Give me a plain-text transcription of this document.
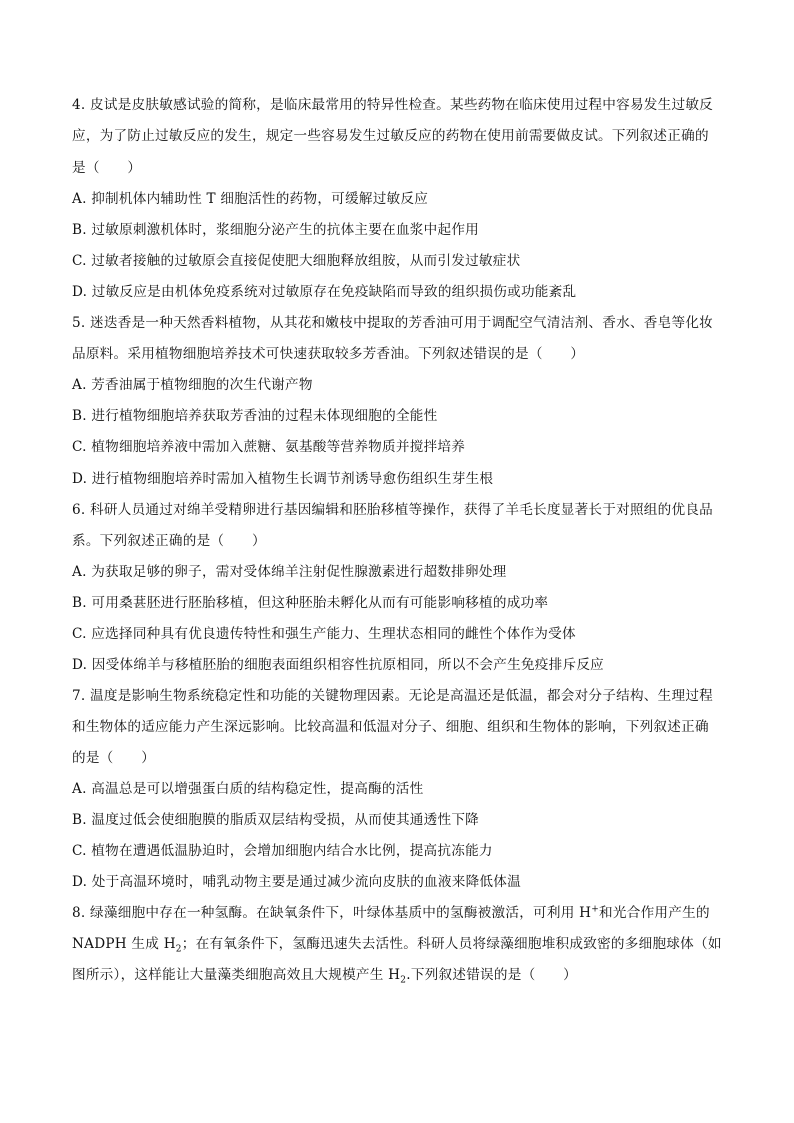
4. 皮试是皮肤敏感试验的简称，是临床最常用的特异性检查。某些药物在临床使用过程中容易发生过敏反
应，为了防止过敏反应的发生，规定一些容易发生过敏反应的药物在使用前需要做皮试。下列叙述正确的
是（　　）
A. 抑制机体内辅助性 T 细胞活性的药物，可缓解过敏反应
B. 过敏原刺激机体时，浆细胞分泌产生的抗体主要在血浆中起作用
C. 过敏者接触的过敏原会直接促使肥大细胞释放组胺，从而引发过敏症状
D. 过敏反应是由机体免疫系统对过敏原存在免疫缺陷而导致的组织损伤或功能紊乱
5. 迷迭香是一种天然香料植物，从其花和嫩枝中提取的芳香油可用于调配空气清洁剂、香水、香皂等化妆
品原料。采用植物细胞培养技术可快速获取较多芳香油。下列叙述错误的是（　　）
A. 芳香油属于植物细胞的次生代谢产物
B. 进行植物细胞培养获取芳香油的过程未体现细胞的全能性
C. 植物细胞培养液中需加入蔗糖、氨基酸等营养物质并搅拌培养
D. 进行植物细胞培养时需加入植物生长调节剂诱导愈伤组织生芽生根
6. 科研人员通过对绵羊受精卵进行基因编辑和胚胎移植等操作，获得了羊毛长度显著长于对照组的优良品
系。下列叙述正确的是（　　）
A. 为获取足够的卵子，需对受体绵羊注射促性腺激素进行超数排卵处理
B. 可用桑葚胚进行胚胎移植，但这种胚胎未孵化从而有可能影响移植的成功率
C. 应选择同种具有优良遗传特性和强生产能力、生理状态相同的雌性个体作为受体
D. 因受体绵羊与移植胚胎的细胞表面组织相容性抗原相同，所以不会产生免疫排斥反应
7. 温度是影响生物系统稳定性和功能的关键物理因素。无论是高温还是低温，都会对分子结构、生理过程
和生物体的适应能力产生深远影响。比较高温和低温对分子、细胞、组织和生物体的影响，下列叙述正确
的是（　　）
A. 高温总是可以增强蛋白质的结构稳定性，提高酶的活性
B. 温度过低会使细胞膜的脂质双层结构受损，从而使其通透性下降
C. 植物在遭遇低温胁迫时，会增加细胞内结合水比例，提高抗冻能力
D. 处于高温环境时，哺乳动物主要是通过减少流向皮肤的血液来降低体温
8. 绿藻细胞中存在一种氢酶。在缺氧条件下，叶绿体基质中的氢酶被激活，可利用 H+和光合作用产生的
NADPH 生成 $H_2$；在有氧条件下，氢酶迅速失去活性。科研人员将绿藻细胞堆积成致密的多细胞球体（如
图所示），这样能让大量藻类细胞高效且大规模产生 $H_2$.下列叙述错误的是（　　）
